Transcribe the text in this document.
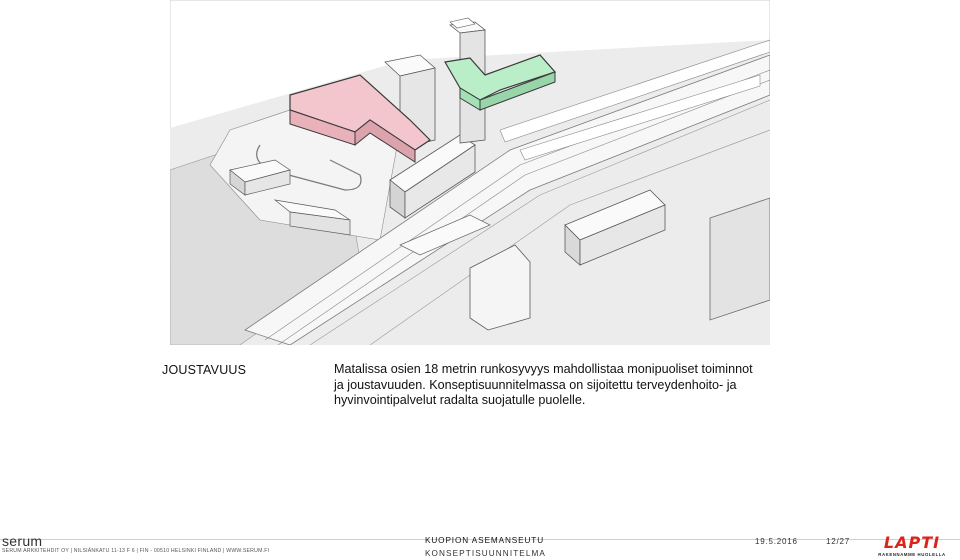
JOUSTAVUUS	Matalissa osien 18 metrin runkosyvyys mahdollistaa monipuoliset toiminnot
ja joustavuuden. Konseptisuunnitelmassa on sijoitettu terveydenhoito- ja
hyvinvointipalvelut radalta suojatulle puolelle.
serum
SERUM ARKKITEHDIT OY | NILSIÄNKATU 11-13 F 6 | FIN - 00510 HELSINKI FINLAND | WWW.SERUM.FI
KUOPION ASEMANSEUTU
KONSEPTISUUNNITELMA
19.5.2016	12/27	LAPTI
RAKENNAMME HUOLELLA
